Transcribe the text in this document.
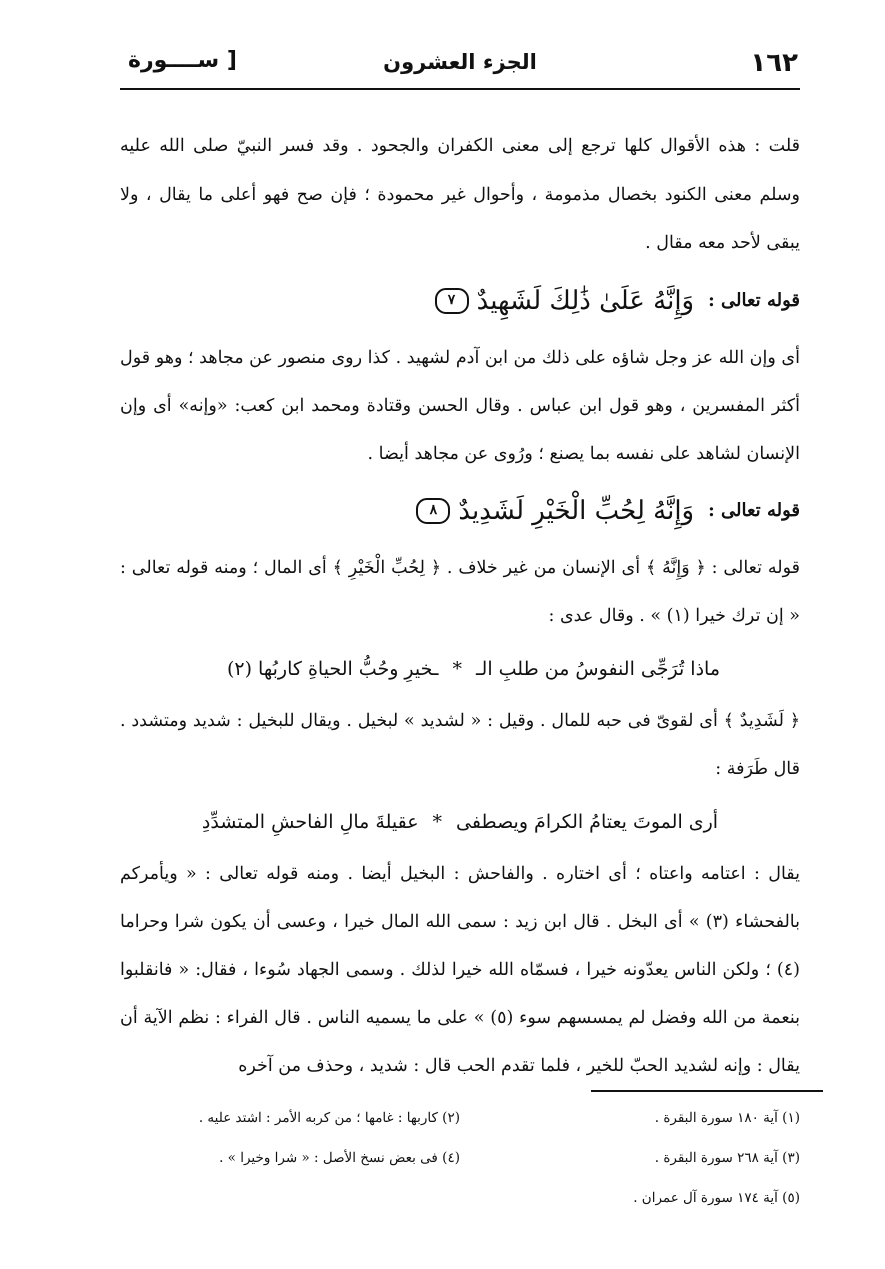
١٦٢
الجزء العشرون
[ ســــورة

قلت : هذه الأقوال كلها ترجع إلى معنى الكفران والجحود . وقد فسر النبيّ صلى الله عليه وسلم معنى الكنود بخصال مذمومة ، وأحوال غير محمودة ؛ فإن صح فهو أعلى ما يقال ، ولا يبقى لأحد معه مقال .

قوله تعالى :
وَإِنَّهُ عَلَىٰ ذَٰلِكَ لَشَهِيدٌ
٧

أى وإن الله عز وجل شاؤه على ذلك من ابن آدم لشهيد . كذا روى منصور عن مجاهد ؛ وهو قول أكثر المفسرين ، وهو قول ابن عباس . وقال الحسن وقتادة ومحمد ابن كعب: «وإنه» أى وإن الإنسان لشاهد على نفسه بما يصنع ؛ ورُوى عن مجاهد أيضا .

قوله تعالى :
وَإِنَّهُ لِحُبِّ الْخَيْرِ لَشَدِيدٌ
٨

قوله تعالى : ﴿ وَإِنَّهُ ﴾ أى الإنسان من غير خلاف . ﴿ لِحُبِّ الْخَيْرِ ﴾ أى المال ؛ ومنه قوله تعالى : « إن ترك خيرا (١) » . وقال عدى :

ماذا تُرَجِّى النفوسُ من طلبِ الـ*ـخيرِ وحُبُّ الحياةِ كاربُها (٢)

﴿ لَشَدِيدٌ ﴾ أى لقوىّ فى حبه للمال . وقيل : « لشديد » لبخيل . ويقال للبخيل : شديد ومتشدد . قال طَرَفة :

أرى الموتَ يعتامُ الكرامَ ويصطفى*عقيلةَ مالِ الفاحشِ المتشدِّدِ

يقال : اعتامه واعتاه ؛ أى اختاره . والفاحش : البخيل أيضا . ومنه قوله تعالى : « ويأمركم بالفحشاء (٣) » أى البخل . قال ابن زيد : سمى الله المال خيرا ، وعسى أن يكون شرا وحراما (٤) ؛ ولكن الناس يعدّونه خيرا ، فسمّاه الله خيرا لذلك . وسمى الجهاد سُوءا ، فقال: « فانقلبوا بنعمة من الله وفضل لم يمسسهم سوء (٥) » على ما يسميه الناس . قال الفراء : نظم الآية أن يقال : وإنه لشديد الحبّ للخير ، فلما تقدم الحب قال : شديد ، وحذف من آخره

(١) آية ١٨٠ سورة البقرة .
(٢) كاربها : غامها ؛ من كربه الأمر : اشتد عليه .
(٣) آية ٢٦٨ سورة البقرة .
(٤) فى بعض نسخ الأصل : « شرا وخيرا » .
(٥) آية ١٧٤ سورة آل عمران .
